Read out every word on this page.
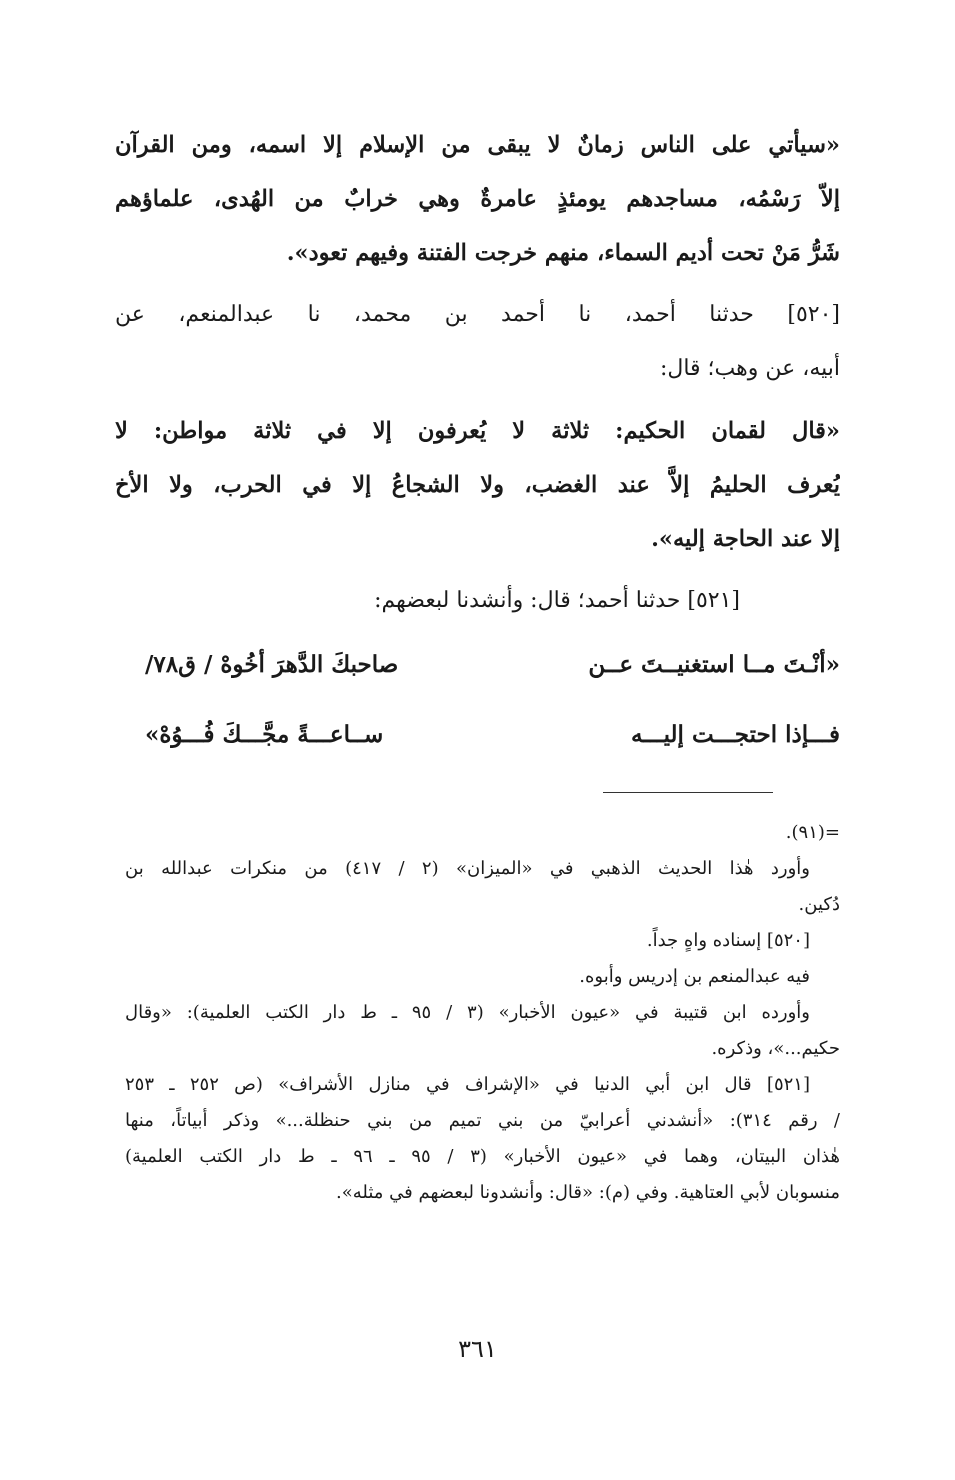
«سيأتي على الناس زمانٌ لا يبقى من الإسلام إلا اسمه، ومن القرآن
إلاّ رَسْمُه، مساجدهم يومئذٍ عامرةٌ وهي خرابٌ من الهُدى، علماؤهم
شَرُّ مَنْ تحت أديم السماء، منهم خرجت الفتنة وفيهم تعود».
[٥٢٠] حدثنا أحمد، نا أحمد بن محمد، نا عبدالمنعم، عن
أبيه، عن وهب؛ قال:
«قال لقمان الحكيم: ثلاثة لا يُعرفون إلا في ثلاثة مواطن: لا
يُعرف الحليمُ إلاَّ عند الغضب، ولا الشجاعُ إلا في الحرب، ولا الأخ
إلا عند الحاجة إليه».
[٥٢١] حدثنا أحمد؛ قال: وأنشدنا لبعضهم:
«أنْـتَ مــا استغنيــتَ عــن
صاحبكَ الدَّهرَ أخُوهْ / ق٧٨/
فـــإذا احتجـــت إليـــه
ســاعـــةً مجَّـــكَ فُـــوُهْ»
=(٩١).
وأورد هٰذا الحديث الذهبي في «الميزان» (٢ / ٤١٧) من منكرات عبدالله بن
دُكين.
[٥٢٠] إسناده واهٍ جداً.
فيه عبدالمنعم بن إدريس وأبوه.
وأورده ابن قتيبة في «عيون الأخبار» (٣ / ٩٥ ـ ط دار الكتب العلمية): «وقال
حكيم...»، وذكره.
[٥٢١] قال ابن أبي الدنيا في «الإشراف في منازل الأشراف» (ص ٢٥٢ ـ ٢٥٣
/ رقم ٣١٤): «أنشدني أعرابيّ من بني تميم من بني حنظلة...» وذكر أبياتاً، منها
هٰذان البيتان، وهما في «عيون الأخبار» (٣ / ٩٥ ـ ٩٦ ـ ط دار الكتب العلمية)
منسوبان لأبي العتاهية. وفي (م): «قال: وأنشدونا لبعضهم في مثله».
٣٦١
